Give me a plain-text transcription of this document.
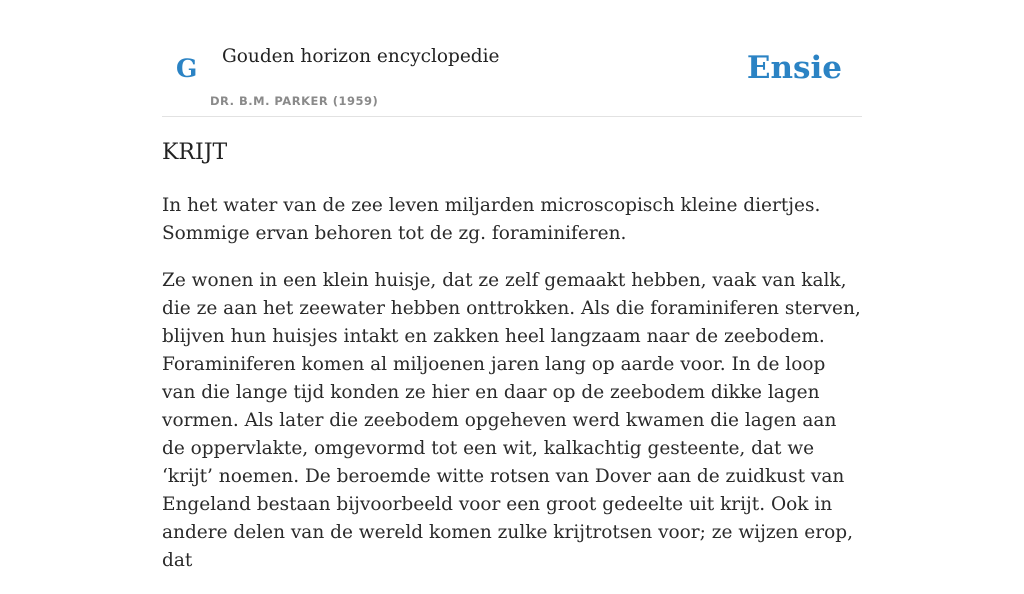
G Gouden horizon encyclopedie
DR. B.M. PARKER (1959)
Ensie
KRIJT

In het water van de zee leven miljarden microscopisch kleine diertjes. Sommige ervan behoren tot de zg. foraminiferen.

Ze wonen in een klein huisje, dat ze zelf gemaakt hebben, vaak van kalk, die ze aan het zeewater hebben onttrokken. Als die foraminiferen sterven, blijven hun huisjes intakt en zakken heel langzaam naar de zeebodem. Foraminiferen komen al miljoenen jaren lang op aarde voor. In de loop van die lange tijd konden ze hier en daar op de zeebodem dikke lagen vormen. Als later die zeebodem opgeheven werd kwamen die lagen aan de oppervlakte, omgevormd tot een wit, kalkachtig gesteente, dat we ‘krijt’ noemen. De beroemde witte rotsen van Dover aan de zuidkust van Engeland bestaan bijvoorbeeld voor een groot gedeelte uit krijt. Ook in andere delen van de wereld komen zulke krijtrotsen voor; ze wijzen erop, dat
